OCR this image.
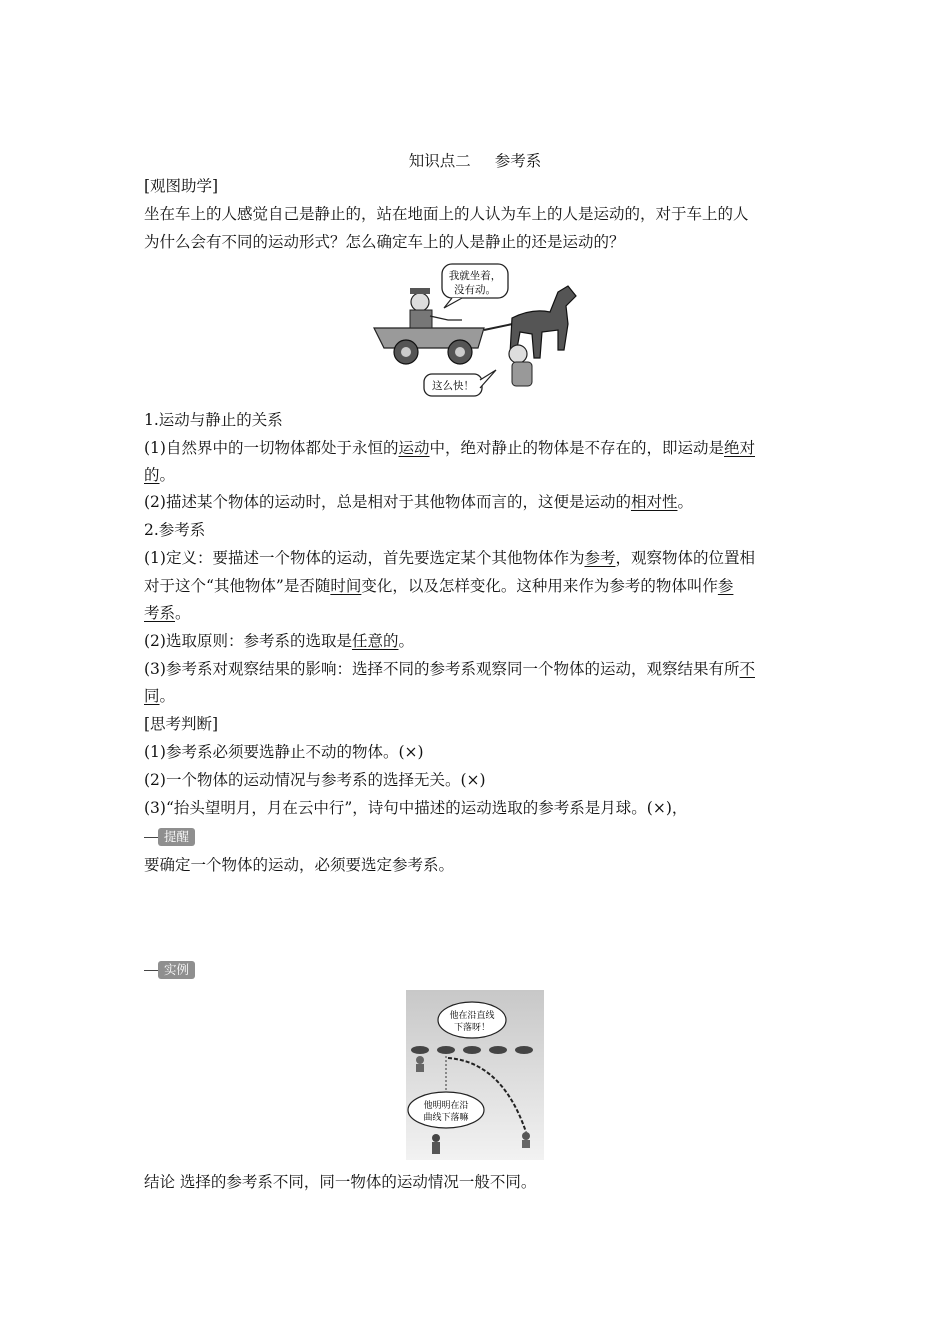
知识点二 参考系
[观图助学]
坐在车上的人感觉自己是静止的，站在地面上的人认为车上的人是运动的，对于车上的人
为什么会有不同的运动形式？怎么确定车上的人是静止的还是运动的？
我就坐着，
没有动。
这么快！
1.运动与静止的关系
(1)自然界中的一切物体都处于永恒的运动中，绝对静止的物体是不存在的，即运动是绝对
的。
(2)描述某个物体的运动时，总是相对于其他物体而言的，这便是运动的相对性。
2.参考系
(1)定义：要描述一个物体的运动，首先要选定某个其他物体作为参考，观察物体的位置相
对于这个“其他物体”是否随时间变化，以及怎样变化。这种用来作为参考的物体叫作参
考系。
(2)选取原则：参考系的选取是任意的。
(3)参考系对观察结果的影响：选择不同的参考系观察同一个物体的运动，观察结果有所不
同。
[思考判断]
(1)参考系必须要选静止不动的物体。(×)
(2)一个物体的运动情况与参考系的选择无关。(×)
(3)“抬头望明月，月在云中行”，诗句中描述的运动选取的参考系是月球。(×)，
提醒
要确定一个物体的运动，必须要选定参考系。
实例
他在沿直线
下落呀！
他明明在沿
曲线下落嘛
结论 选择的参考系不同，同一物体的运动情况一般不同。
